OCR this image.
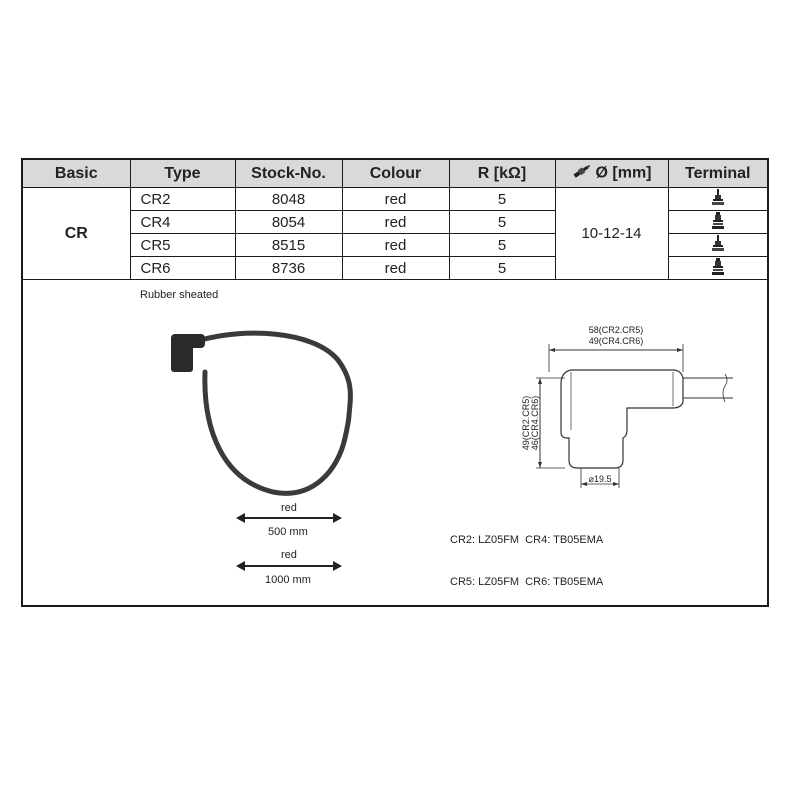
Basic	Type	Stock-No.	Colour	R [kΩ]	Ø [mm]	Terminal
CR	CR2	8048	red	5	10-12-14	
	CR4	8054	red	5	
	CR5	8515	red	5	
	CR6	8736	red	5	
Rubber sheated
red
500 mm
red
1000 mm
58(CR2.CR5)
49(CR4.CR6)
49(CR2.CR5) 46(CR4.CR6)
⌀19.5
CR2: LZ05FM  CR4: TB05EMA
CR5: LZ05FM  CR6: TB05EMA
